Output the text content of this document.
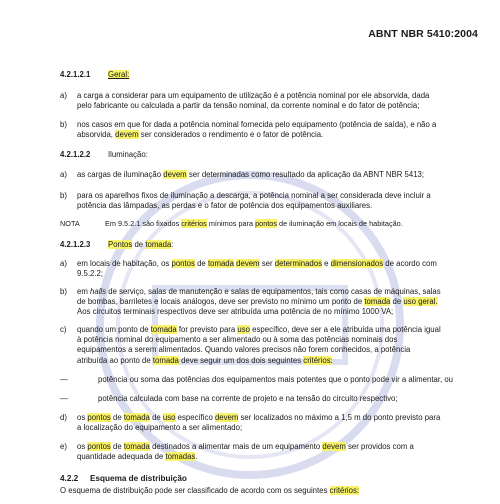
ABNT NBR 5410:2004
4.2.1.2.1 Geral:
a) a carga a considerar para um equipamento de utilização é a potência nominal por ele absorvida, dada
pelo fabricante ou calculada a partir da tensão nominal, da corrente nominal e do fator de potência;
b) nos casos em que for dada a potência nominal fornecida pelo equipamento (potência de saída), e não a
absorvida, devem ser considerados o rendimento e o fator de potência.
4.2.1.2.2 Iluminação:
a) as cargas de iluminação devem ser determinadas como resultado da aplicação da ABNT NBR 5413;
b) para os aparelhos fixos de iluminação a descarga, a potência nominal a ser considerada deve incluir a
potência das lâmpadas, as perdas e o fator de potência dos equipamentos auxiliares.
NOTA	Em 9.5.2.1 são fixados critérios mínimos para pontos de iluminação em locais de habitação.
4.2.1.2.3 Pontos de tomada:
a) em locais de habitação, os pontos de tomada devem ser determinados e dimensionados de acordo com
9.5.2.2;
b) em halls de serviço, salas de manutenção e salas de equipamentos, tais como casas de máquinas, salas
de bombas, barriletes e locais análogos, deve ser previsto no mínimo um ponto de tomada de uso geral.
Aos circuitos terminais respectivos deve ser atribuída uma potência de no mínimo 1000 VA;
c) quando um ponto de tomada for previsto para uso específico, deve ser a ele atribuída uma potência igual
à potência nominal do equipamento a ser alimentado ou à soma das potências nominais dos
equipamentos a serem alimentados. Quando valores precisos não forem conhecidos, a potência
atribuída ao ponto de tomada deve seguir um dos dois seguintes critérios:
—	potência ou soma das potências dos equipamentos mais potentes que o ponto pode vir a alimentar, ou
—	potência calculada com base na corrente de projeto e na tensão do circuito respectivo;
d) os pontos de tomada de uso específico devem ser localizados no máximo a 1,5 m do ponto previsto para
a localização do equipamento a ser alimentado;
e) os pontos de tomada destinados a alimentar mais de um equipamento devem ser providos com a
quantidade adequada de tomadas.
4.2.2 Esquema de distribuição
O esquema de distribuição pode ser classificado de acordo com os seguintes critérios:
